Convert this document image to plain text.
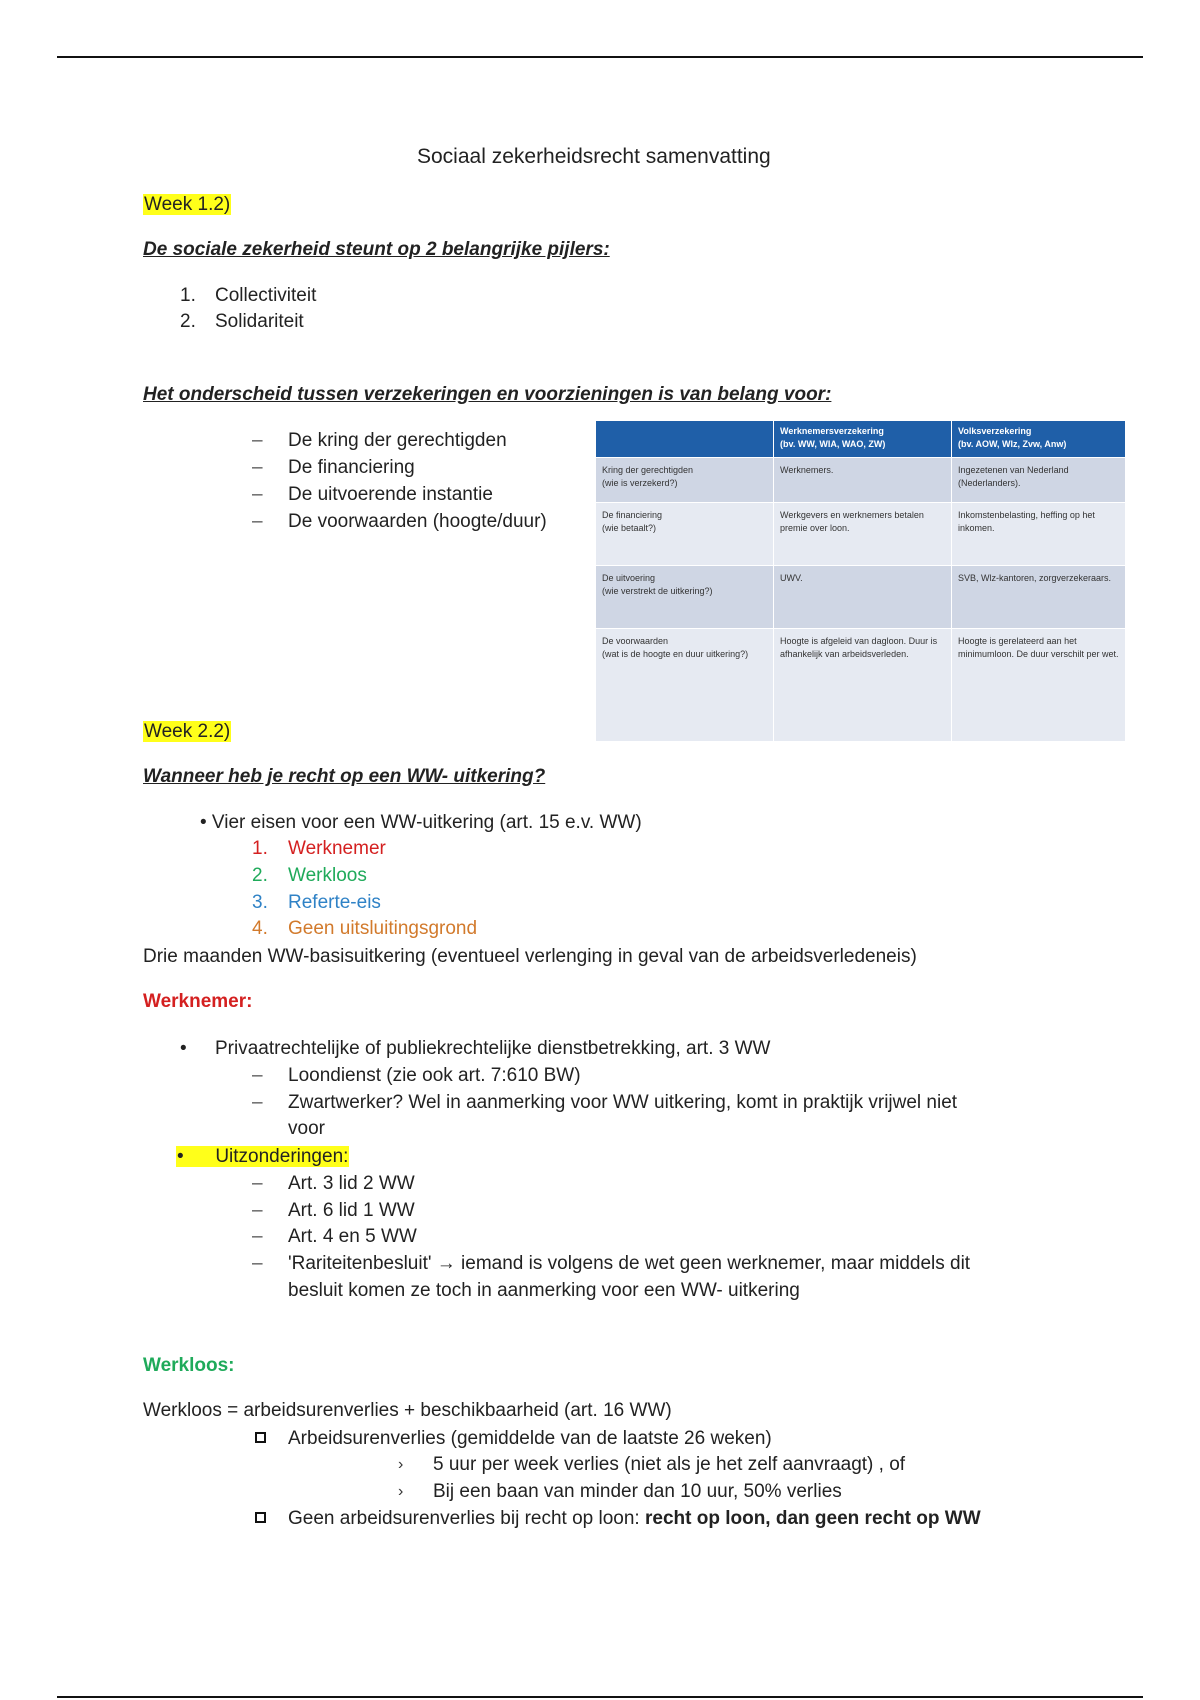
Sociaal zekerheidsrecht samenvatting
Week 1.2)
De sociale zekerheid steunt op 2 belangrijke pijlers:
1. Collectiviteit
2. Solidariteit
Het onderscheid tussen verzekeringen en voorzieningen is van belang voor:
– De kring der gerechtigden
– De financiering
– De uitvoerende instantie
– De voorwaarden (hoogte/duur)

	Werknemersverzekering
(bv. WW, WIA, WAO, ZW)	Volksverzekering
(bv. AOW, Wlz, Zvw, Anw)

Kring der gerechtigden
(wie is verzekerd?)	Werknemers.	Ingezetenen van Nederland (Nederlanders).

De financiering
(wie betaalt?)	Werkgevers en werknemers betalen premie over loon.	Inkomstenbelasting, heffing op het inkomen.

De uitvoering
(wie verstrekt de uitkering?)	UWV.	SVB, Wlz-kantoren, zorgverzekeraars.

De voorwaarden
(wat is de hoogte en duur uitkering?)	Hoogte is afgeleid van dagloon. Duur is afhankelijk van arbeidsverleden.	Hoogte is gerelateerd aan het minimumloon. De duur verschilt per wet.
Week 2.2)
Wanneer heb je recht op een WW- uitkering?
• Vier eisen voor een WW-uitkering (art. 15 e.v. WW)
1. Werknemer
2. Werkloos
3. Referte-eis
4. Geen uitsluitingsgrond
Drie maanden WW-basisuitkering (eventueel verlenging in geval van de arbeidsverledeneis)
Werknemer:
• Privaatrechtelijke of publiekrechtelijke dienstbetrekking, art. 3 WW
– Loondienst (zie ook art. 7:610 BW)
– Zwartwerker? Wel in aanmerking voor WW uitkering, komt in praktijk vrijwel niet
voor
•      Uitzonderingen:
– Art. 3 lid 2 WW
– Art. 6 lid 1 WW
– Art. 4 en 5 WW
– 'Rariteitenbesluit' → iemand is volgens de wet geen werknemer, maar middels dit
besluit komen ze toch in aanmerking voor een WW- uitkering
Werkloos:
Werkloos = arbeidsurenverlies + beschikbaarheid (art. 16 WW)
Arbeidsurenverlies (gemiddelde van de laatste 26 weken)
› 5 uur per week verlies (niet als je het zelf aanvraagt) , of
› Bij een baan van minder dan 10 uur, 50% verlies
Geen arbeidsurenverlies bij recht op loon: recht op loon, dan geen recht op WW
